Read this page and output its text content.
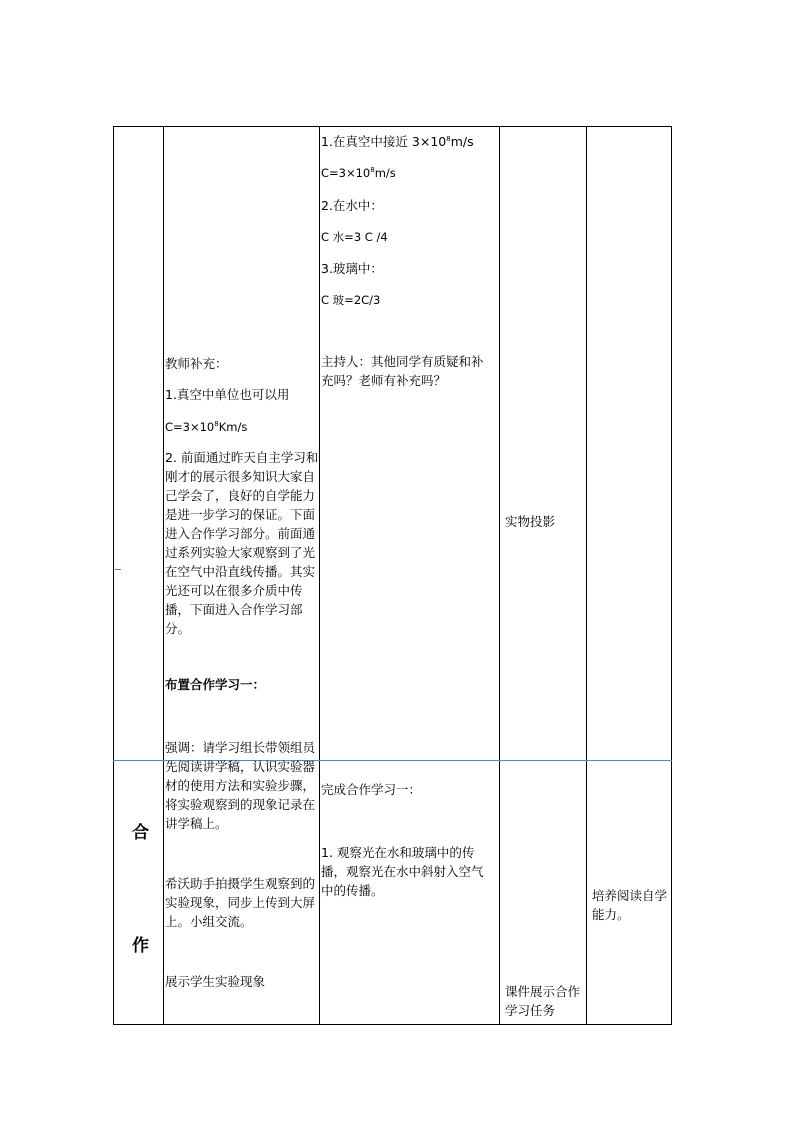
合
作
1.在真空中接近 $3\times 10^8m/s$
$C=3\times 10^8m/s$
2.在水中：
C 水=3 C /4
3.玻璃中：
C 玻=2C/3
主持人：其他同学有质疑和补充吗？老师有补充吗？
完成合作学习一：
1. 观察光在水和玻璃中的传播，观察光在水中斜射入空气中的传播。
教师补充：
1.真空中单位也可以用
$C=3\times 10^8Km/s$
2. 前面通过昨天自主学习和刚才的展示很多知识大家自己学会了，良好的自学能力是进一步学习的保证。下面进入合作学习部分。前面通过系列实验大家观察到了光在空气中沿直线传播。其实光还可以在很多介质中传播，下面进入合作学习部分。
布置合作学习一：
强调：请学习组长带领组员先阅读讲学稿，认识实验器材的使用方法和实验步骤，将实验观察到的现象记录在讲学稿上。
希沃助手拍摄学生观察到的实验现象，同步上传到大屏上。小组交流。
展示学生实验现象
实物投影
课件展示合作学习任务
培养阅读自学能力。
